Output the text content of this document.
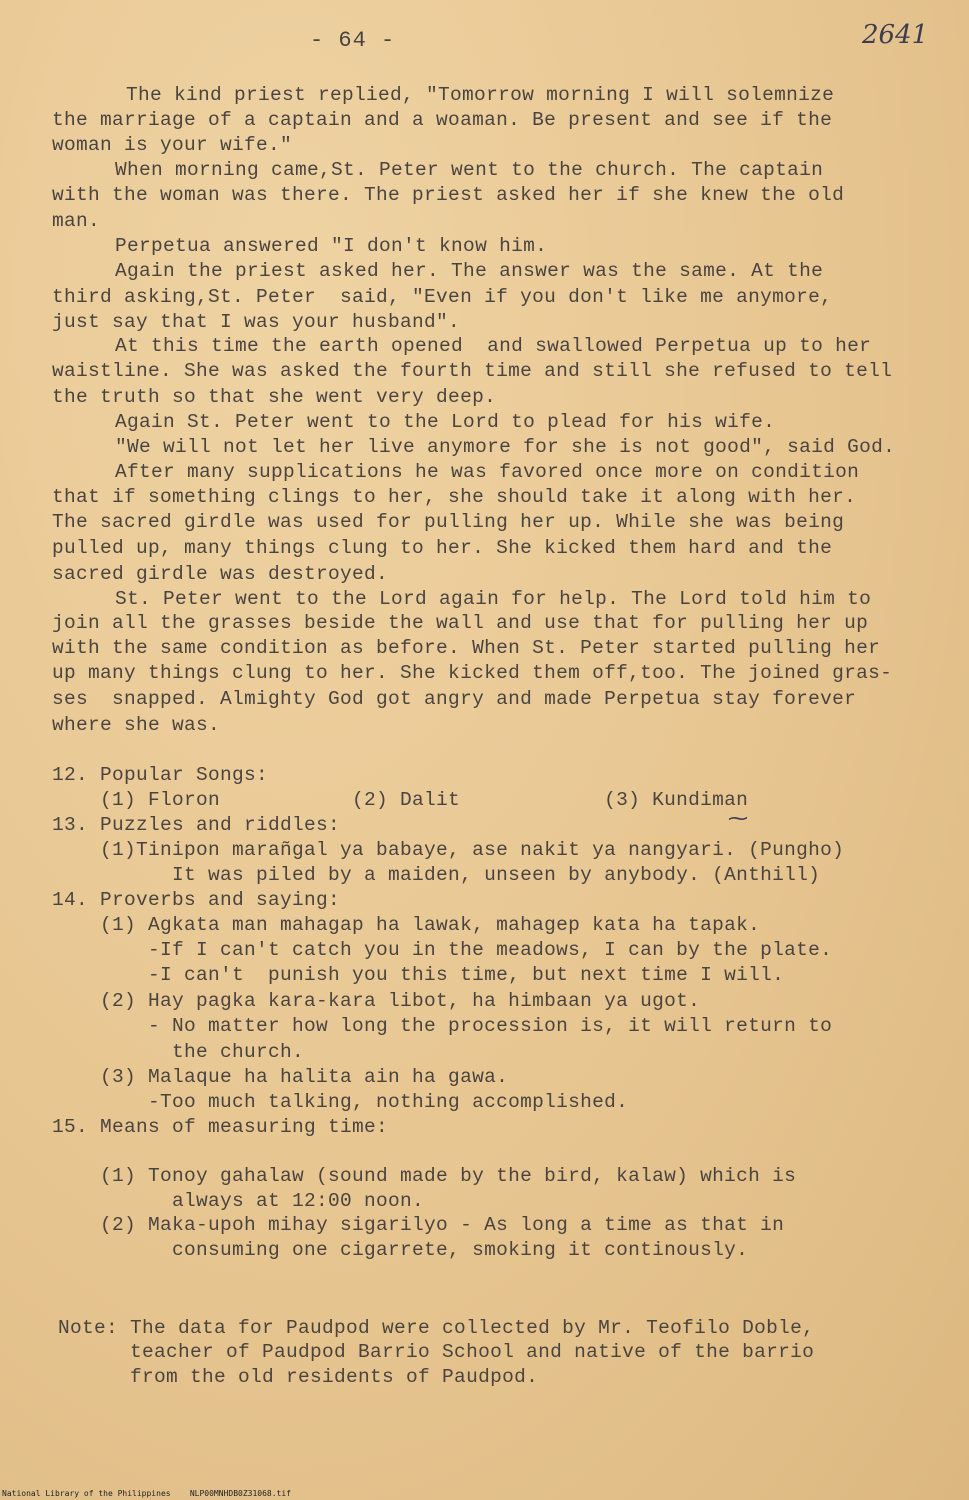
- 64 -	2641
The kind priest replied, "Tomorrow morning I will solemnize
the marriage of a captain and a woaman. Be present and see if the
woman is your wife."
When morning came,St. Peter went to the church. The captain
with the woman was there. The priest asked her if she knew the old
man.
Perpetua answered "I don't know him.
Again the priest asked her. The answer was the same. At the
third asking,St. Peter  said, "Even if you don't like me anymore,
just say that I was your husband".
At this time the earth opened  and swallowed Perpetua up to her
waistline. She was asked the fourth time and still she refused to tell
the truth so that she went very deep.
Again St. Peter went to the Lord to plead for his wife.
"We will not let her live anymore for she is not good", said God.
After many supplications he was favored once more on condition
that if something clings to her, she should take it along with her.
The sacred girdle was used for pulling her up. While she was being
pulled up, many things clung to her. She kicked them hard and the
sacred girdle was destroyed.
St. Peter went to the Lord again for help. The Lord told him to
join all the grasses beside the wall and use that for pulling her up
with the same condition as before. When St. Peter started pulling her
up many things clung to her. She kicked them off,too. The joined gras-
ses  snapped. Almighty God got angry and made Perpetua stay forever
where she was.
12. Popular Songs:
(1) Floron           (2) Dalit            (3) Kundiman
⁓
13. Puzzles and riddles:
(1)Tinipon marañgal ya babaye, ase nakit ya nangyari. (Pungho)
It was piled by a maiden, unseen by anybody. (Anthill)
14. Proverbs and saying:
(1) Agkata man mahagap ha lawak, mahagep kata ha tapak.
-If I can't catch you in the meadows, I can by the plate.
-I can't  punish you this time, but next time I will.
(2) Hay pagka kara-kara libot, ha himbaan ya ugot.
- No matter how long the procession is, it will return to
the church.
(3) Malaque ha halita ain ha gawa.
-Too much talking, nothing accomplished.
15. Means of measuring time:
(1) Tonoy gahalaw (sound made by the bird, kalaw) which is
always at 12:00 noon.
(2) Maka-upoh mihay sigarilyo - As long a time as that in
consuming one cigarrete, smoking it continously.
Note: The data for Paudpod were collected by Mr. Teofilo Doble,
teacher of Paudpod Barrio School and native of the barrio
from the old residents of Paudpod.
National Library of the Philippines    NLP00MNHDB0Z31068.tif
